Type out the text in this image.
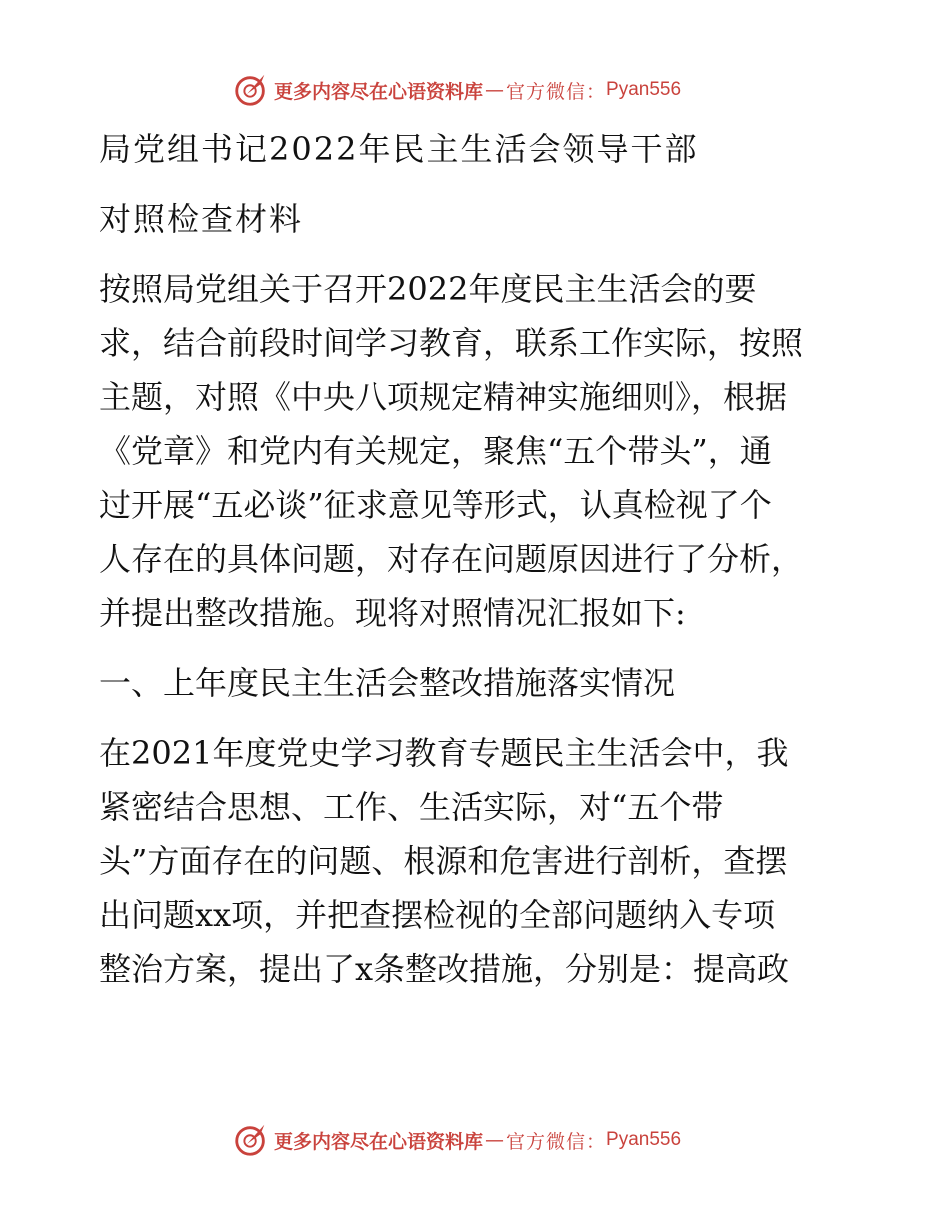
更多内容尽在心语资料库 — 官方微信： Pyan556
局党组书记2022年民主生活会领导干部
对照检查材料
按照局党组关于召开2022年度民主生活会的要
求，结合前段时间学习教育，联系工作实际，按照
主题，对照《中央八项规定精神实施细则》，根据
《党章》和党内有关规定，聚焦“五个带头”，通
过开展“五必谈”征求意见等形式，认真检视了个
人存在的具体问题，对存在问题原因进行了分析，
并提出整改措施。现将对照情况汇报如下:
一、上年度民主生活会整改措施落实情况
在2021年度党史学习教育专题民主生活会中，我
紧密结合思想、工作、生活实际，对“五个带
头”方面存在的问题、根源和危害进行剖析，查摆
出问题xx项，并把查摆检视的全部问题纳入专项
整治方案，提出了x条整改措施，分别是：提高政
更多内容尽在心语资料库 — 官方微信： Pyan556
